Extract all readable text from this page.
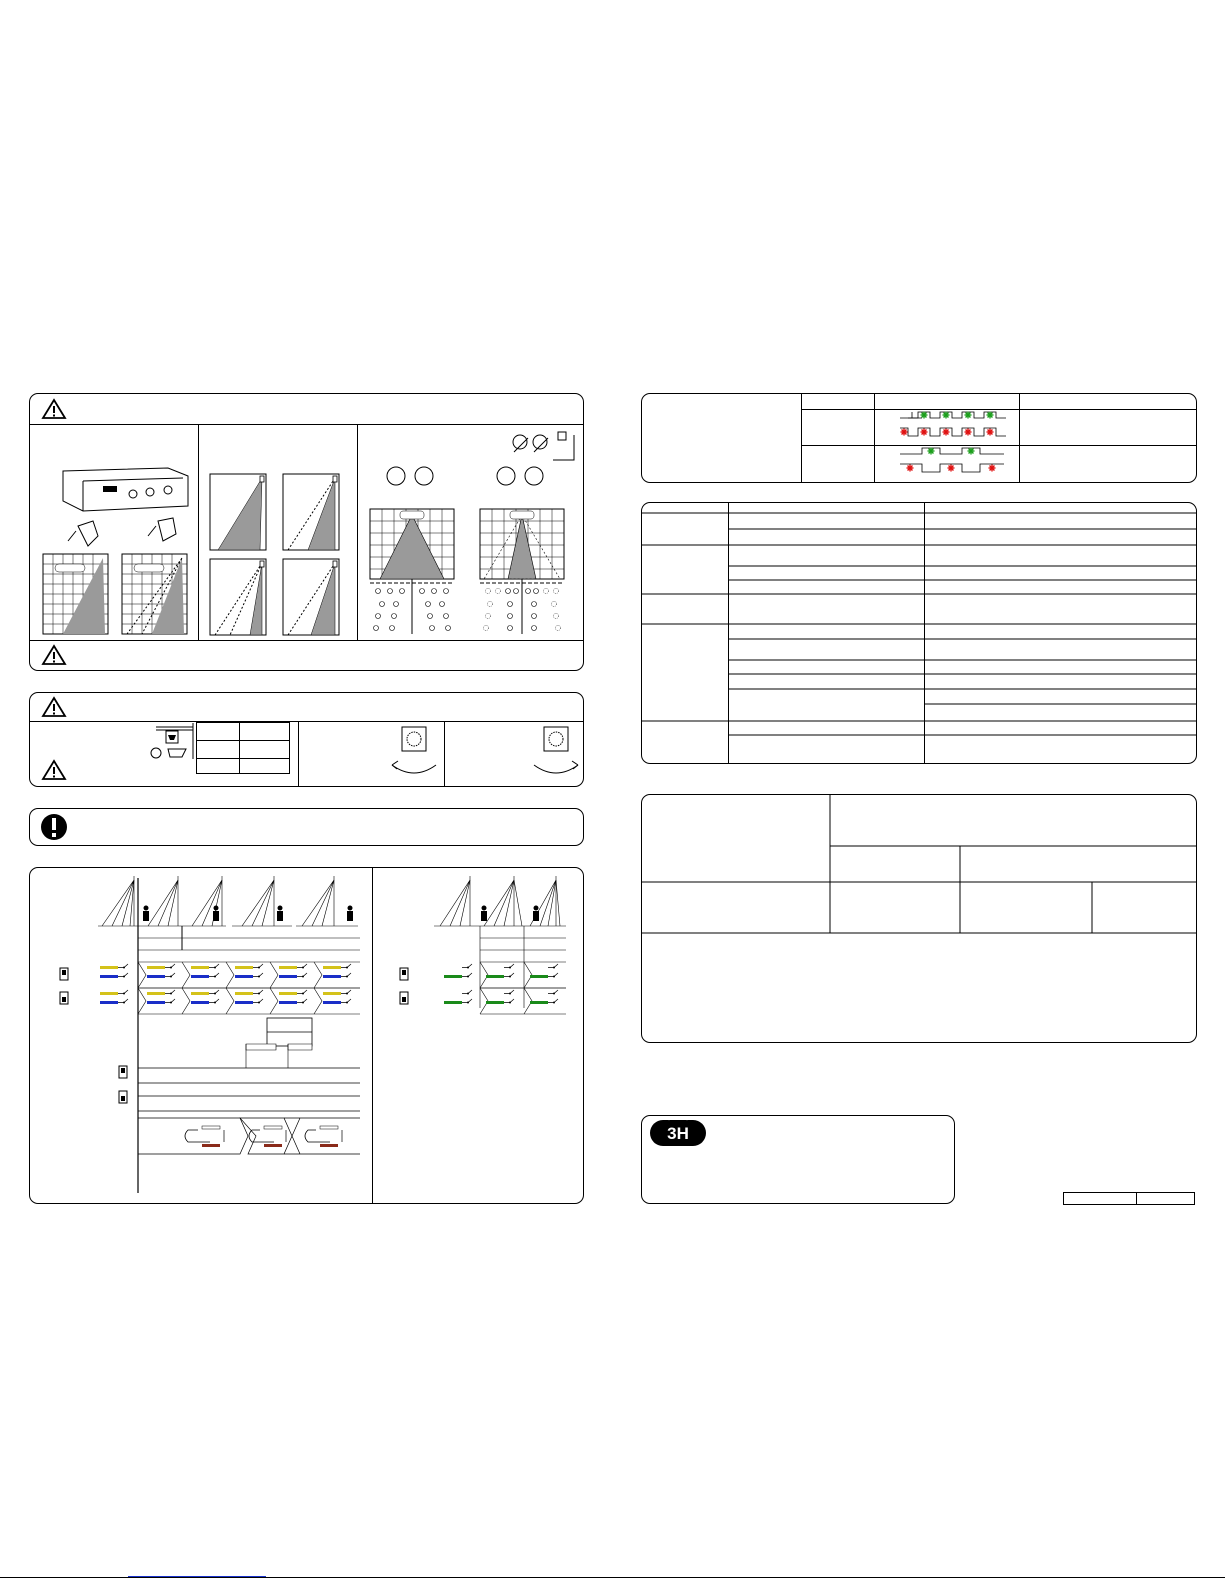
3H
